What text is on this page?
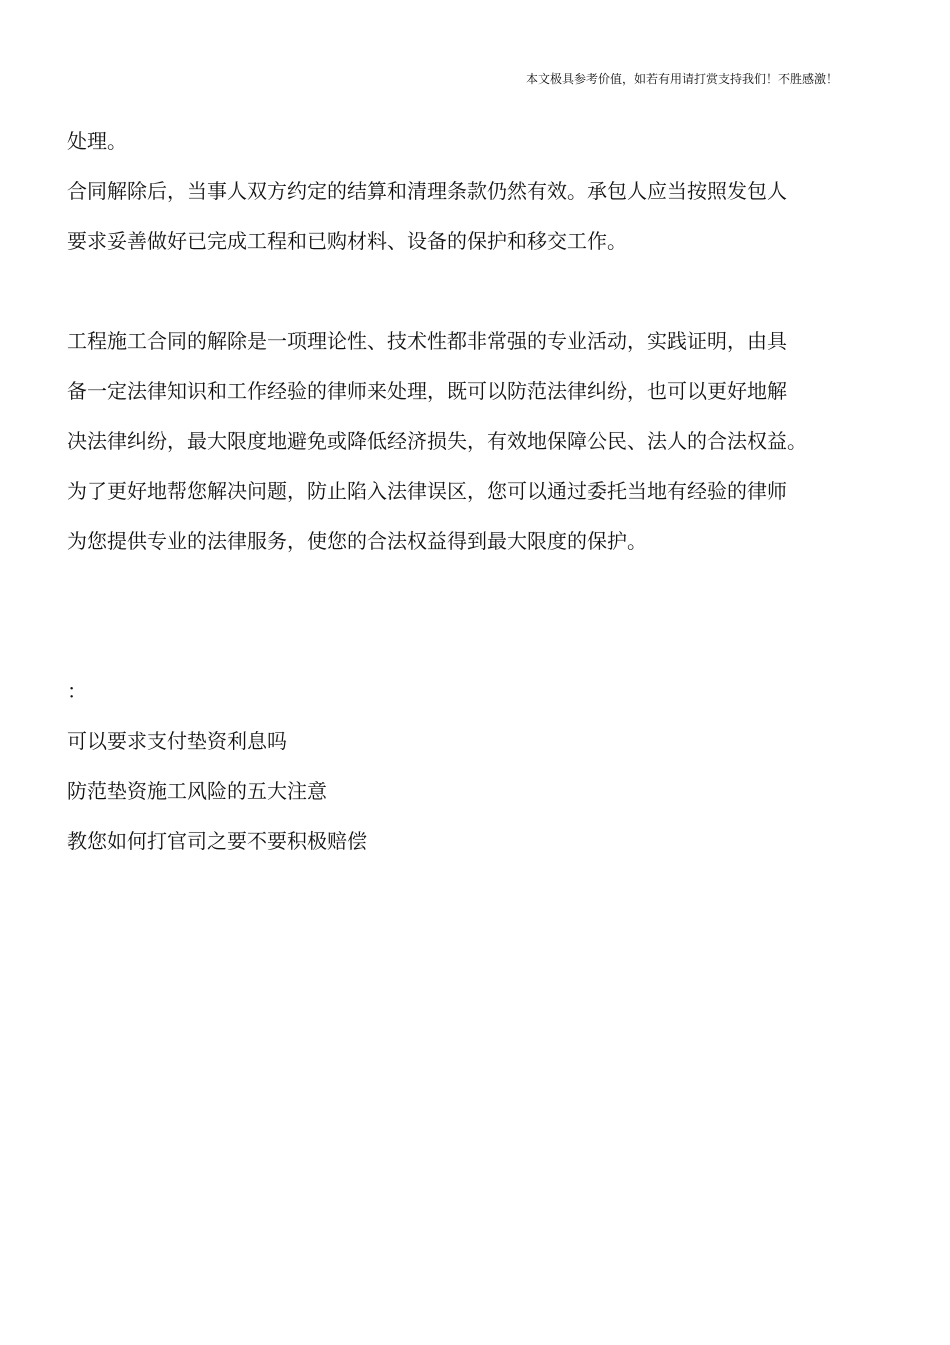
本文极具参考价值，如若有用请打赏支持我们！不胜感激！
处理。
合同解除后，当事人双方约定的结算和清理条款仍然有效。承包人应当按照发包人
要求妥善做好已完成工程和已购材料、设备的保护和移交工作。
工程施工合同的解除是一项理论性、技术性都非常强的专业活动，实践证明，由具
备一定法律知识和工作经验的律师来处理，既可以防范法律纠纷，也可以更好地解
决法律纠纷，最大限度地避免或降低经济损失，有效地保障公民、法人的合法权益。
为了更好地帮您解决问题，防止陷入法律误区，您可以通过委托当地有经验的律师
为您提供专业的法律服务，使您的合法权益得到最大限度的保护。
：
可以要求支付垫资利息吗
防范垫资施工风险的五大注意
教您如何打官司之要不要积极赔偿
